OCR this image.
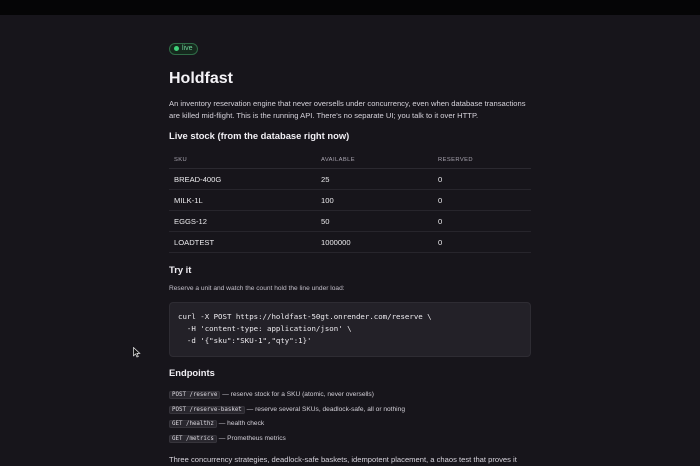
live
Holdfast

An inventory reservation engine that never oversells under concurrency, even when database transactions are killed mid-flight. This is the running API. There's no separate UI; you talk to it over HTTP.

Live stock (from the database right now)
SKU	AVAILABLE	RESERVED
BREAD-400G	25	0
MILK-1L	100	0
EGGS-12	50	0
LOADTEST	1000000	0
Try it
Reserve a unit and watch the count hold the line under load:
curl -X POST https://holdfast-50gt.onrender.com/reserve \
-H 'content-type: application/json' \
-d '{"sku":"SKU-1","qty":1}'
Endpoints
POST /reserve — reserve stock for a SKU (atomic, never oversells)
POST /reserve-basket — reserve several SKUs, deadlock-safe, all or nothing
GET /healthz — health check
GET /metrics — Prometheus metrics
Three concurrency strategies, deadlock-safe baskets, idempotent placement, a chaos test that proves it
